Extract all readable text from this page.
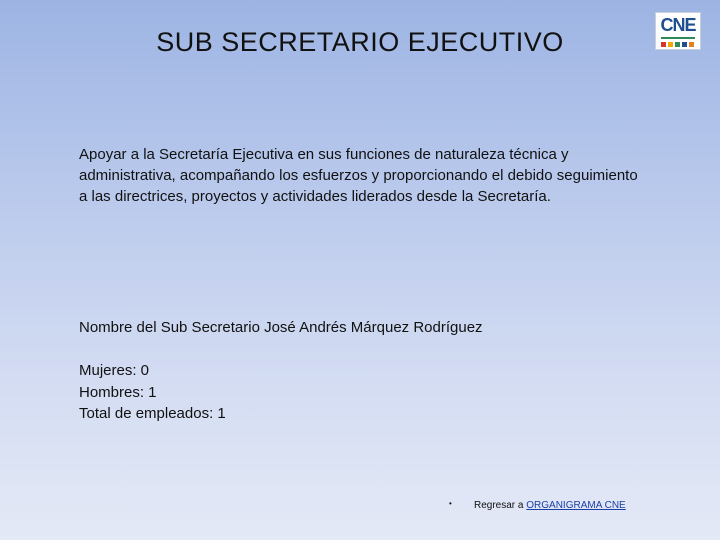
SUB SECRETARIO EJECUTIVO
CNE
Apoyar a la Secretaría Ejecutiva en sus funciones de naturaleza técnica y administrativa, acompañando los esfuerzos y proporcionando el debido seguimiento a las directrices, proyectos y actividades liderados desde la Secretaría.
Nombre del Sub Secretario José Andrés Márquez Rodríguez
Mujeres: 0
Hombres: 1
Total de empleados: 1
• Regresar a ORGANIGRAMA CNE
